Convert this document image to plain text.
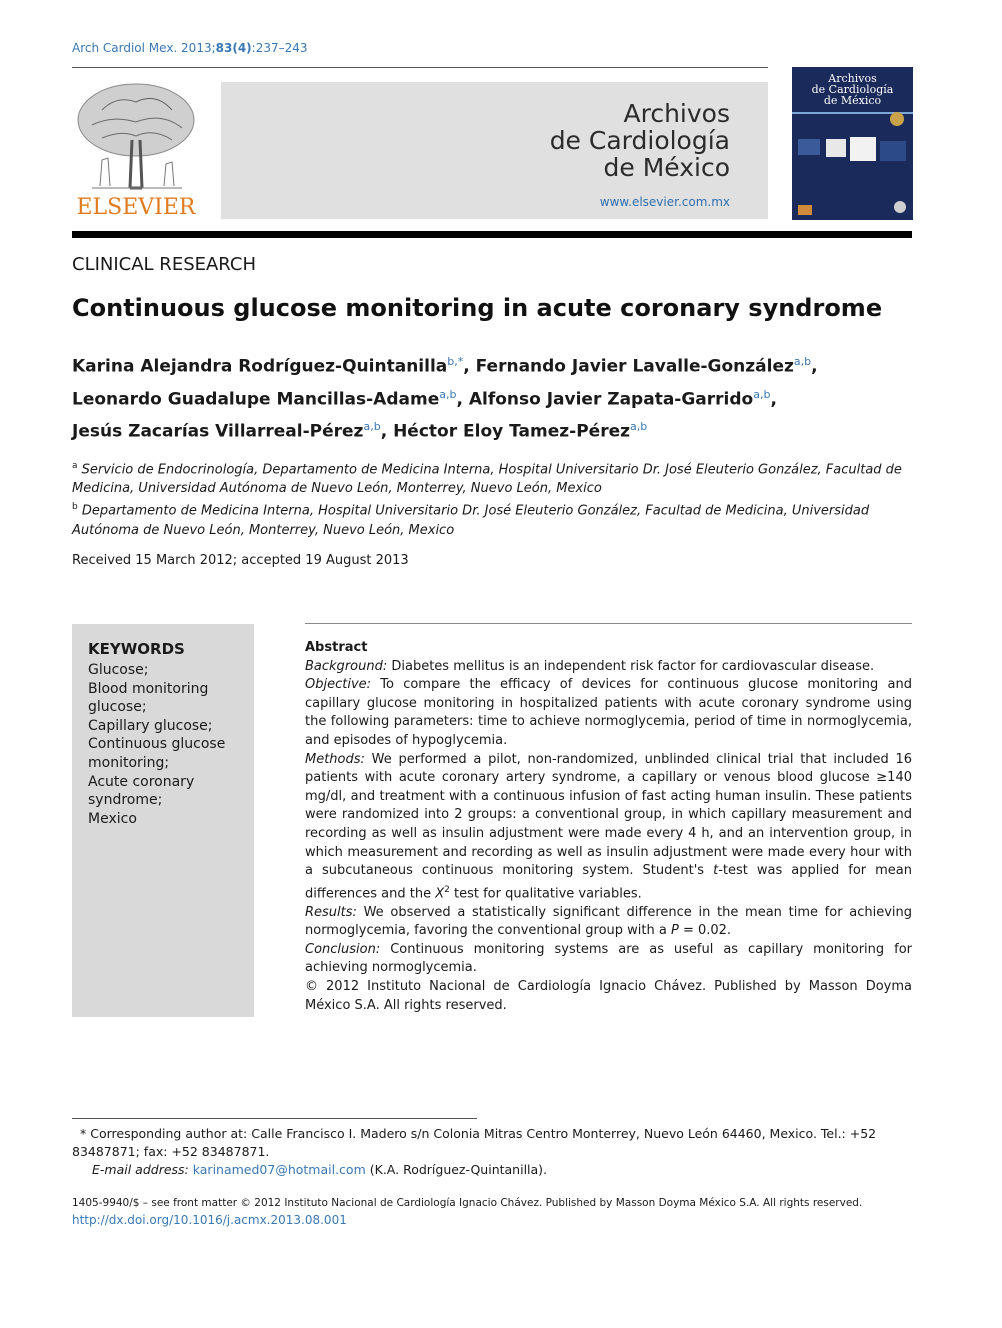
Arch Cardiol Mex. 2013;83(4):237–243
ELSEVIER
Archivos
de Cardiología
de México
www.elsevier.com.mx
Archivos
de Cardiología
de México
CLINICAL RESEARCH
Continuous glucose monitoring in acute coronary syndrome
Karina Alejandra Rodríguez-Quintanilla$^{b,*}$, Fernando Javier Lavalle-González$^{a,b}$,
Leonardo Guadalupe Mancillas-Adame$^{a,b}$, Alfonso Javier Zapata-Garrido$^{a,b}$,
Jesús Zacarías Villarreal-Pérez$^{a,b}$, Héctor Eloy Tamez-Pérez$^{a,b}$
$^a$ Servicio de Endocrinología, Departamento de Medicina Interna, Hospital Universitario Dr. José Eleuterio González, Facultad de Medicina, Universidad Autónoma de Nuevo León, Monterrey, Nuevo León, Mexico
$^b$ Departamento de Medicina Interna, Hospital Universitario Dr. José Eleuterio González, Facultad de Medicina, Universidad Autónoma de Nuevo León, Monterrey, Nuevo León, Mexico
Received 15 March 2012; accepted 19 August 2013
KEYWORDS
Glucose;
Blood monitoring glucose;
Capillary glucose;
Continuous glucose monitoring;
Acute coronary syndrome;
Mexico
Abstract
Background: Diabetes mellitus is an independent risk factor for cardiovascular disease.
Objective: To compare the efficacy of devices for continuous glucose monitoring and capillary glucose monitoring in hospitalized patients with acute coronary syndrome using the following parameters: time to achieve normoglycemia, period of time in normoglycemia, and episodes of hypoglycemia.
Methods: We performed a pilot, non-randomized, unblinded clinical trial that included 16 patients with acute coronary artery syndrome, a capillary or venous blood glucose ≥140 mg/dl, and treatment with a continuous infusion of fast acting human insulin. These patients were randomized into 2 groups: a conventional group, in which capillary measurement and recording as well as insulin adjustment were made every 4 h, and an intervention group, in which measurement and recording as well as insulin adjustment were made every hour with a subcutaneous continuous monitoring system. Student's t-test was applied for mean differences and the $X^2$ test for qualitative variables.
Results: We observed a statistically significant difference in the mean time for achieving normoglycemia, favoring the conventional group with a P = 0.02.
Conclusion: Continuous monitoring systems are as useful as capillary monitoring for achieving normoglycemia.
© 2012 Instituto Nacional de Cardiología Ignacio Chávez. Published by Masson Doyma México S.A. All rights reserved.
* Corresponding author at: Calle Francisco I. Madero s/n Colonia Mitras Centro Monterrey, Nuevo León 64460, Mexico. Tel.: +52 83487871; fax: +52 83487871.
E-mail address: karinamed07@hotmail.com (K.A. Rodríguez-Quintanilla).
1405-9940/$ – see front matter © 2012 Instituto Nacional de Cardiología Ignacio Chávez. Published by Masson Doyma México S.A. All rights reserved.
http://dx.doi.org/10.1016/j.acmx.2013.08.001
